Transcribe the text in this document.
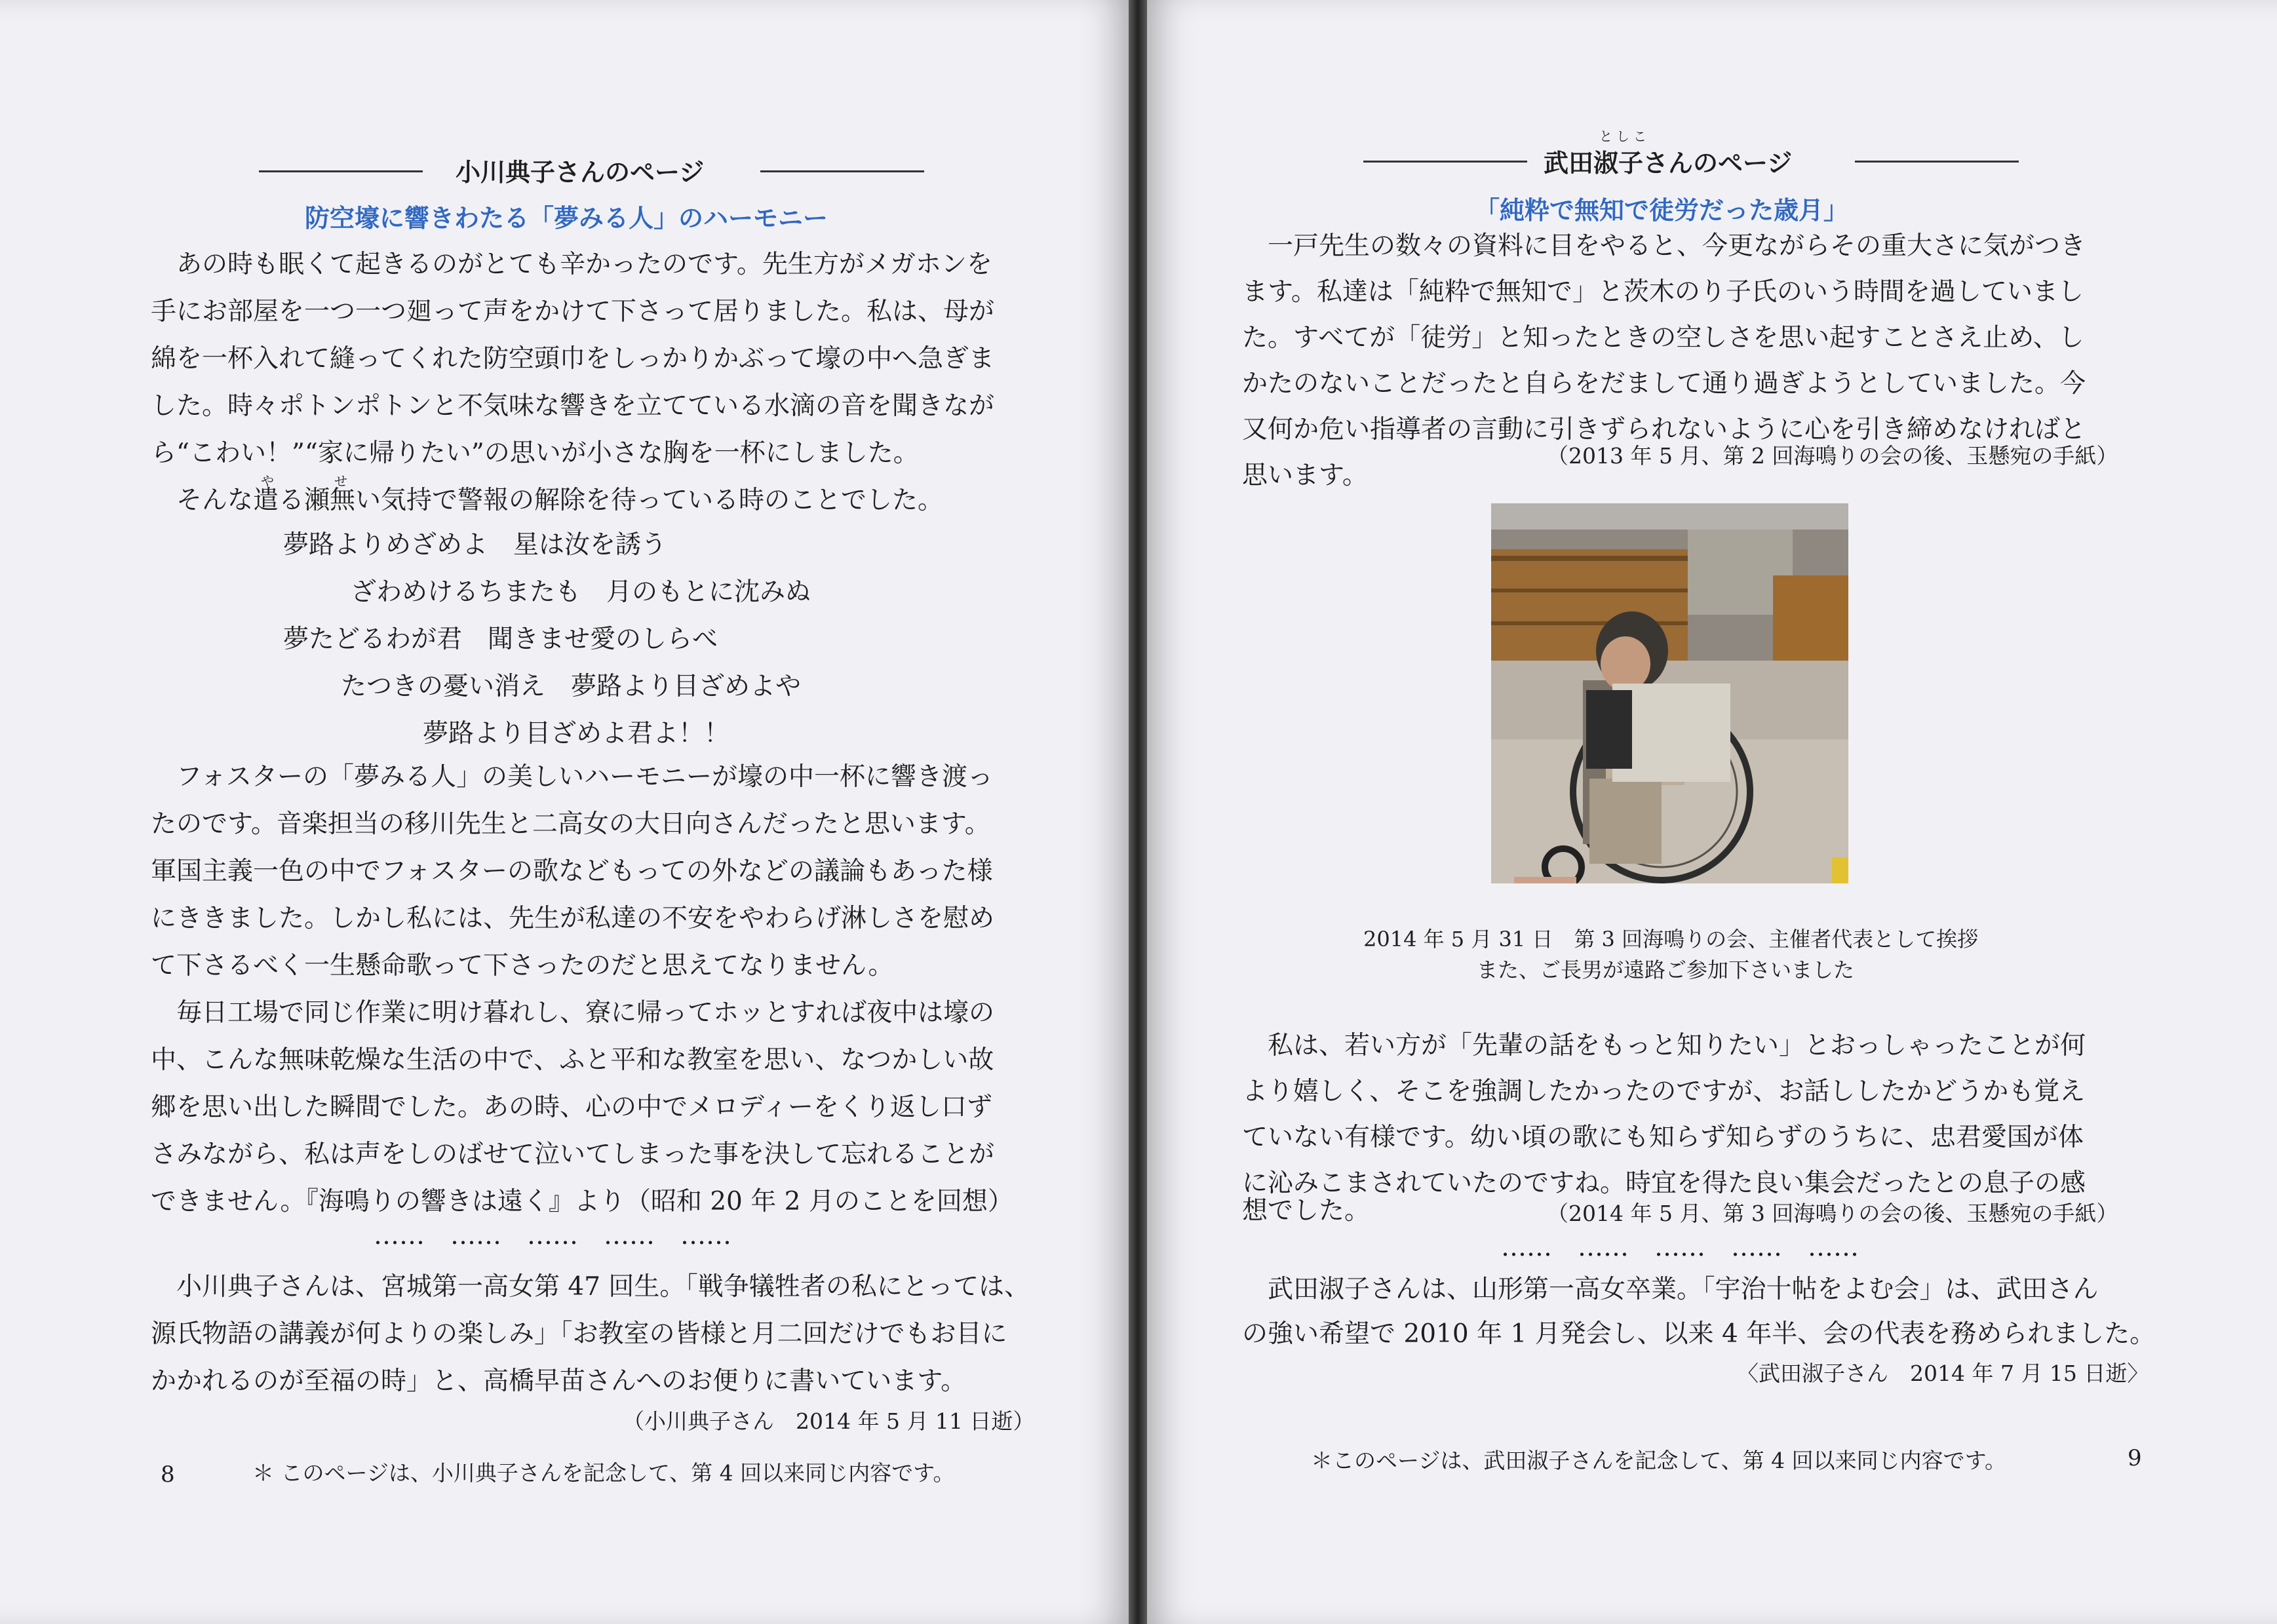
小川典子さんのページ
防空壕に響きわたる「夢みる人」のハーモニー
　あの時も眠くて起きるのがとても辛かったのです。先生方がメガホンを
手にお部屋を一つ一つ廻って声をかけて下さって居りました。私は、母が
綿を一杯入れて縫ってくれた防空頭巾をしっかりかぶって壕の中へ急ぎま
した。時々ポトンポトンと不気味な響きを立てている水滴の音を聞きなが
ら“こわい！”“家に帰りたい”の思いが小さな胸を一杯にしました。
や	せ
　そんな遣る瀬無い気持で警報の解除を待っている時のことでした。
夢路よりめざめよ　星は汝を誘う
ざわめけるちまたも　月のもとに沈みぬ
夢たどるわが君　聞きませ愛のしらべ
たつきの憂い消え　夢路より目ざめよや
夢路より目ざめよ君よ！！
　フォスターの「夢みる人」の美しいハーモニーが壕の中一杯に響き渡っ
たのです。音楽担当の移川先生と二高女の大日向さんだったと思います。
軍国主義一色の中でフォスターの歌などもっての外などの議論もあった様
にききました。しかし私には、先生が私達の不安をやわらげ淋しさを慰め
て下さるべく一生懸命歌って下さったのだと思えてなりません。
　毎日工場で同じ作業に明け暮れし、寮に帰ってホッとすれば夜中は壕の
中、こんな無味乾燥な生活の中で、ふと平和な教室を思い、なつかしい故
郷を思い出した瞬間でした。あの時、心の中でメロディーをくり返し口ず
さみながら、私は声をしのばせて泣いてしまった事を決して忘れることが
できません。『海鳴りの響きは遠く』より（昭和 20 年 2 月のことを回想）
……　……　……　……　……
　小川典子さんは、宮城第一高女第 47 回生。「戦争犠牲者の私にとっては、
源氏物語の講義が何よりの楽しみ」「お教室の皆様と月二回だけでもお目に
かかれるのが至福の時」と、高橋早苗さんへのお便りに書いています。
（小川典子さん　2014 年 5 月 11 日逝）
8	＊ このページは、小川典子さんを記念して、第 4 回以来同じ内容です。
としこ
武田淑子さんのページ
「純粋で無知で徒労だった歳月」
　一戸先生の数々の資料に目をやると、今更ながらその重大さに気がつき
ます。私達は「純粋で無知で」と茨木のり子氏のいう時間を過していまし
た。すべてが「徒労」と知ったときの空しさを思い起すことさえ止め、し
かたのないことだったと自らをだまして通り過ぎようとしていました。今
又何か危い指導者の言動に引きずられないように心を引き締めなければと
思います。
（2013 年 5 月、第 2 回海鳴りの会の後、玉懸宛の手紙）
2014 年 5 月 31 日　第 3 回海鳴りの会、主催者代表として挨拶
また、ご長男が遠路ご参加下さいました
　私は、若い方が「先輩の話をもっと知りたい」とおっしゃったことが何
より嬉しく、そこを強調したかったのですが、お話ししたかどうかも覚え
ていない有様です。幼い頃の歌にも知らず知らずのうちに、忠君愛国が体
に沁みこまされていたのですね。時宜を得た良い集会だったとの息子の感
想でした。	（2014 年 5 月、第 3 回海鳴りの会の後、玉懸宛の手紙）
……　……　……　……　……
　武田淑子さんは、山形第一高女卒業。「宇治十帖をよむ会」は、武田さん
の強い希望で 2010 年 1 月発会し、以来 4 年半、会の代表を務められました。
〈武田淑子さん　2014 年 7 月 15 日逝〉
＊このページは、武田淑子さんを記念して、第 4 回以来同じ内容です。	9
